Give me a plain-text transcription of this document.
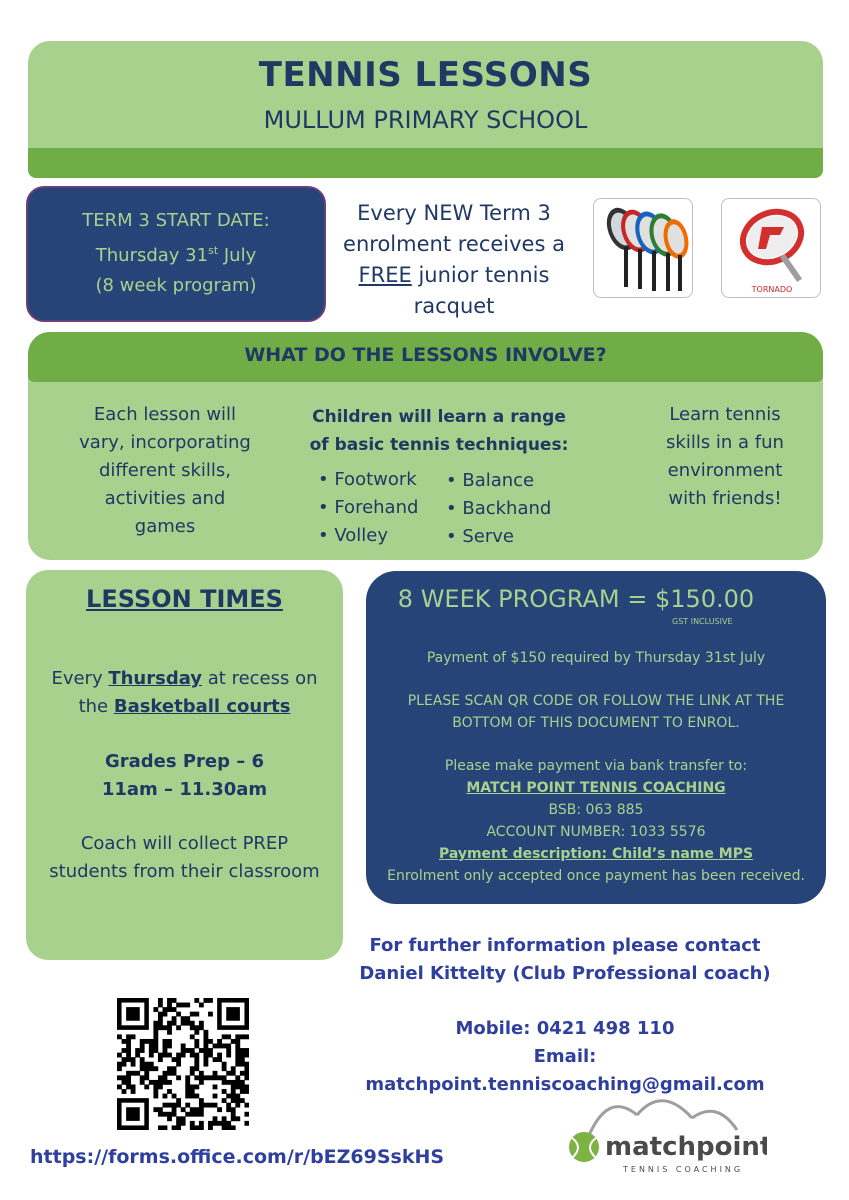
TENNIS LESSONS
MULLUM PRIMARY SCHOOL
TERM 3 START DATE:
Thursday 31st July
(8 week program)
Every NEW Term 3
enrolment receives a
FREE junior tennis
racquet
TORNADO
WHAT DO THE LESSONS INVOLVE?
Each lesson will
vary, incorporating
different skills,
activities and
games
Children will learn a range
of basic tennis techniques:
• Footwork
• Forehand
• Volley
• Balance
• Backhand
• Serve
Learn tennis
skills in a fun
environment
with friends!
LESSON TIMES
Every Thursday at recess on
the Basketball courts
Grades Prep – 6
11am – 11.30am
Coach will collect PREP
students from their classroom
8 WEEK PROGRAM = $150.00
GST INCLUSIVE
Payment of $150 required by Thursday 31st July
PLEASE SCAN QR CODE OR FOLLOW THE LINK AT THE
BOTTOM OF THIS DOCUMENT TO ENROL.
Please make payment via bank transfer to:
MATCH POINT TENNIS COACHING
BSB: 063 885
ACCOUNT NUMBER: 1033 5576
Payment description: Child’s name MPS
Enrolment only accepted once payment has been received.
For further information please contact
Daniel Kittelty (Club Professional coach)
Mobile: 0421 498 110
Email: matchpoint.tenniscoaching@gmail.com
https://forms.office.com/r/bEZ69SskHS	matchpoint
TENNIS COACHING
